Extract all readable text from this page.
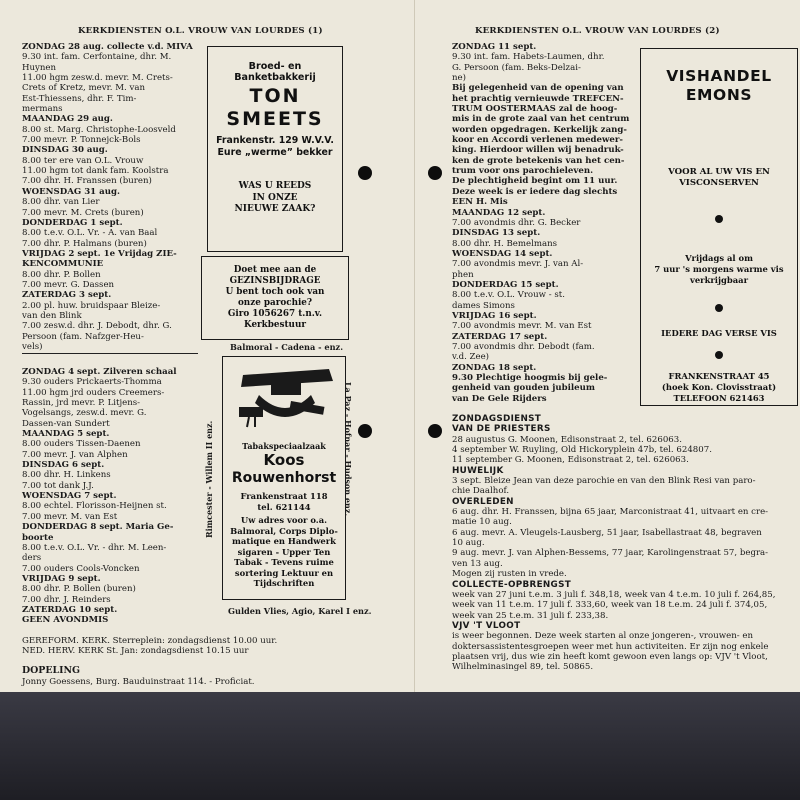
KERKDIENSTEN O.L. VROUW VAN LOURDES (1)	KERKDIENSTEN O.L. VROUW VAN LOURDES (2)
ZONDAG 28 aug. collecte v.d. MIVA
9.30 int. fam. Cerfontaine, dhr. M.
Huynen
11.00 hgm zesw.d. mevr. M. Crets-
Crets of Kretz, mevr. M. van
Est-Thiessens, dhr. F. Tim-
mermans
MAANDAG 29 aug.
8.00 st. Marg. Christophe-Loosveld
7.00 mevr. P. Tonnejck-Bols
DINSDAG 30 aug.
8.00 ter ere van O.L. Vrouw
11.00 hgm tot dank fam. Koolstra
7.00 dhr. H. Franssen (buren)
WOENSDAG 31 aug.
8.00 dhr. van Lier
7.00 mevr. M. Crets (buren)
DONDERDAG 1 sept.
8.00 t.e.v. O.L. Vr. - A. van Baal
7.00 dhr. P. Halmans (buren)
VRIJDAG 2 sept. 1e Vrijdag ZIE-
KENCOMMUNIE
8.00 dhr. P. Bollen
7.00 mevr. G. Dassen
ZATERDAG 3 sept.
2.00 pl. huw. bruidspaar Bleize-
van den Blink
7.00 zesw.d. dhr. J. Debodt, dhr. G.
Persoon (fam. Nafzger-Heu-
vels)
ZONDAG 4 sept. Zilveren schaal
9.30 ouders Prickaerts-Thomma
11.00 hgm jrd ouders Creemers-
Rassin, jrd mevr. P. Litjens-
Vogelsangs, zesw.d. mevr. G.
Dassen-van Sundert
MAANDAG 5 sept.
8.00 ouders Tissen-Daenen
7.00 mevr. J. van Alphen
DINSDAG 6 sept.
8.00 dhr. H. Linkens
7.00 tot dank J.J.
WOENSDAG 7 sept.
8.00 echtel. Florisson-Heijnen st.
7.00 mevr. M. van Est
DONDERDAG 8 sept. Maria Ge-
boorte
8.00 t.e.v. O.L. Vr. - dhr. M. Leen-
ders
7.00 ouders Cools-Voncken
VRIJDAG 9 sept.
8.00 dhr. P. Bollen (buren)
7.00 dhr. J. Reinders
ZATERDAG 10 sept.
GEEN AVONDMIS
GEREFORM. KERK. Sterreplein: zondagsdienst 10.00 uur.
NED. HERV. KERK St. Jan: zondagsdienst 10.15 uur
DOPELING
Jonny Goessens, Burg. Bauduinstraat 114. - Proficiat.
ZONDAG 11 sept.
9.30 int. fam. Habets-Laumen, dhr.
G. Persoon (fam. Beks-Delzai-
ne)
Bij gelegenheid van de opening van
het prachtig vernieuwde TREFCEN-
TRUM OOSTERMAAS zal de hoog-
mis in de grote zaal van het centrum
worden opgedragen. Kerkelijk zang-
koor en Accordi verlenen medewer-
king. Hierdoor willen wij benadruk-
ken de grote betekenis van het cen-
trum voor ons parochieleven.
De plechtigheid begint om 11 uur.
Deze week is er iedere dag slechts
EEN H. Mis
MAANDAG 12 sept.
7.00 avondmis dhr. G. Becker
DINSDAG 13 sept.
8.00 dhr. H. Bemelmans
WOENSDAG 14 sept.
7.00 avondmis mevr. J. van Al-
phen
DONDERDAG 15 sept.
8.00 t.e.v. O.L. Vrouw - st.
dames Simons
VRIJDAG 16 sept.
7.00 avondmis mevr. M. van Est
ZATERDAG 17 sept.
7.00 avondmis dhr. Debodt (fam.
v.d. Zee)
ZONDAG 18 sept.
9.30 Plechtige hoogmis bij gele-
genheid van gouden jubileum
van De Gele Rijders
ZONDAGSDIENST
VAN DE PRIESTERS
28 augustus G. Moonen, Edisonstraat 2, tel. 626063.
4 september W. Ruyling, Old Hickoryplein 47b, tel. 624807.
11 september G. Moonen, Edisonstraat 2, tel. 626063.
HUWELIJK
3 sept. Bleize Jean van deze parochie en van den Blink Resi van paro-
chie Daalhof.
OVERLEDEN
6 aug. dhr. H. Franssen, bijna 65 jaar, Marconistraat 41, uitvaart en cre-
matie 10 aug.
6 aug. mevr. A. Vleugels-Lausberg, 51 jaar, Isabellastraat 48, begraven
10 aug.
9 aug. mevr. J. van Alphen-Bessems, 77 jaar, Karolingenstraat 57, begra-
ven 13 aug.
Mogen zij rusten in vrede.
COLLECTE-OPBRENGST
week van 27 juni t.e.m. 3 juli f. 348,18, week van 4 t.e.m. 10 juli f. 264,85,
week van 11 t.e.m. 17 juli f. 333,60, week van 18 t.e.m. 24 juli f. 374,05,
week van 25 t.e.m. 31 juli f. 233,38.
VJV 'T VLOOT
is weer begonnen. Deze week starten al onze jongeren-, vrouwen- en
doktersassistentesgroepen weer met hun activiteiten. Er zijn nog enkele
plaatsen vrij, dus wie zin heeft komt gewoon even langs op: VJV 't Vloot,
Wilhelminasingel 89, tel. 50865.
Broed- en
Banketbakkerij
TON
SMEETS
Frankenstr. 129 W.V.V.
Eure „werme” bekker
WAS U REEDS
IN ONZE
NIEUWE ZAAK?
Doet mee aan de
GEZINSBIJDRAGE
U bent toch ook van
onze parochie?
Giro 1056267 t.n.v.
Kerkbestuur
Balmoral - Cadena - enz.
Rimcester - Willem II enz.	La Paz - Hofnar - Hudson enz.
Gulden Vlies, Agio, Karel I enz.
Tabakspeciaalzaak
Koos
Rouwenhorst
Frankenstraat 118
tel. 621144
Uw adres voor o.a.
Balmoral, Corps Diplo-
matique en Handwerk
sigaren - Upper Ten
Tabak - Tevens ruime
sortering Lektuur en
Tijdschriften
VISHANDEL
EMONS
VOOR AL UW VIS EN
VISCONSERVEN
Vrijdags al om
7 uur 's morgens warme vis
verkrijgbaar
IEDERE DAG VERSE VIS
FRANKENSTRAAT 45
(hoek Kon. Clovisstraat)
TELEFOON 621463
